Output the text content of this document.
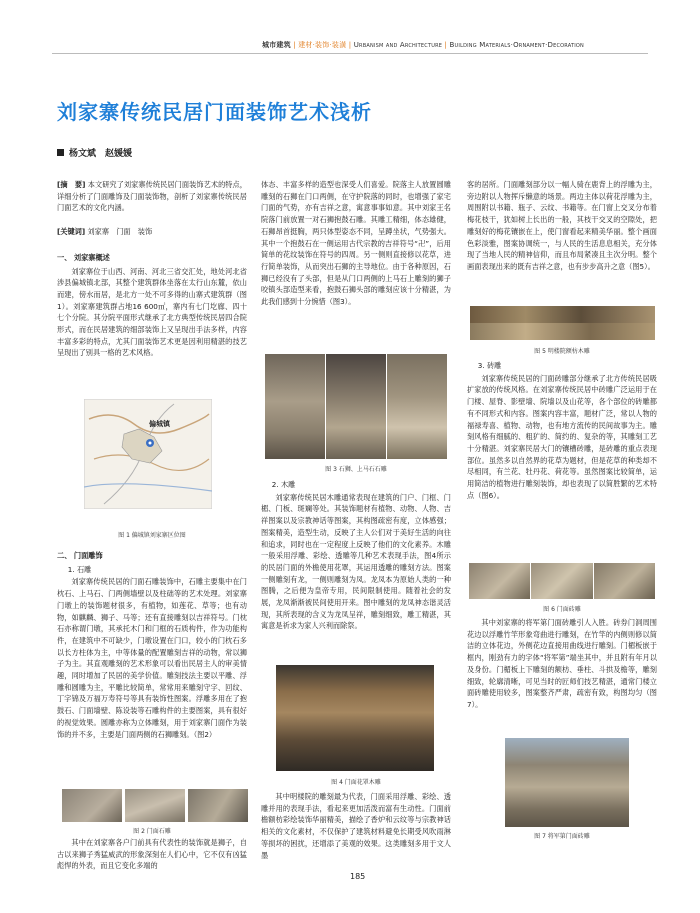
城市建筑 | 建材·装饰·装潢 | Urbanism and Architecture | Building Materials·Ornament·Decoration
刘家寨传统民居门面装饰艺术浅析
杨文斌　赵媛媛

[摘　要] 本文研究了刘家寨传统民居门面装饰艺术的特点，详细分析了门面雕饰及门面装饰物，剖析了刘家寨传统民居门面艺术的文化内涵。

[关键词] 刘家寨　门面　装饰

一、 刘家寨概述

刘家寨位于山西、河南、河北三省交汇处，地处河北省涉县偏城镇北部，其整个建筑群体坐落在太行山东麓，依山而建，傍水而居，是北方一处不可多得的山寨式建筑群（图1）。刘家寨建筑群占地16 600㎡，寨内有七门圪廊、四十七个分院。其分院平面形式继承了北方典型传统民居四合院形式，而在民居建筑的细部装饰上又呈现出手法多样，内容丰富多彩的特点，尤其门面装饰艺术更是因利用精湛的技艺呈现出了别具一格的艺术风格。

偏城镇
图 1 偏城镇刘家寨区位图
二、 门面雕饰
1. 石雕

刘家寨传统民居的门面石雕装饰中，石雕主要集中在门枕石、上马石、门两侧墙壁以及柱础等的艺术处理。刘家寨门墩上的装饰题材很多，有植物，如莲花、草等；也有动物，如麒麟、狮子、马等；还有直接雕刻以吉祥符号。门枕石亦称谓门墩，其承托木门和门框的石质构件，作为功能构件，在建筑中不可缺少，门墩设置在门口，较小的门枕石多以长方柱体为主，中等体量的配置雕刻吉祥的动物，常以狮子为主。其直观雕刻的艺术形象可以看出民居主人的审美情趣，同时增加了民居的美学价值。雕刻技法主要以平雕、浮雕和圆雕为主，平雕比较简单，常常用来雕刻守字、回纹、丁字锦及万福万寿符号等具有装饰性图案。浮雕多用在了抱鼓石、门面墙壁、陈设装等石雕构件的主要图案，具有很好的视觉效果。圆雕亦称为立体雕刻，用于刘家寨门面作为装饰的并不多，主要是门面两侧的石狮雕刻。（图2）

图 2 门面石雕

其中在刘家寨各户门前具有代表性的装饰就是狮子，自古以来狮子秀猛威武的形象深刻在人们心中，它不仅有凶猛彪悍的外表，而且它变化多端的

体态、丰富多样的造型也深受人们喜爱。院落主人放置圆雕雕刻的石狮在门口两侧，在守护院落的同时，也增强了家宅门面的气势，亦有吉祥之意，寓意事事如意。其中刘家王名院落门前放置一对石狮抱鼓石雕。其雕工精细，体态雄健，石狮昂首挺胸，两只体型姿态不同，呈蹲坐状，气势强大。其中一个抱鼓石在一侧运用古代宗教的吉祥符号“卍”，后用简单的花纹装饰在符号的四周。另一侧则直接修以花草，进行简单装饰，从而突出石狮的主导地位。由于各种原因，石狮已经没有了头部，但是从门口两侧的上马石上雕刻的狮子咬镇头部造型来看，抱鼓石狮头部的雕刻应该十分精湛，为此我们感到十分惋惜（图3）。

图 3 石狮、上马石石雕
2. 木雕

刘家寨传统民居木雕通常表现在建筑的门户、门框、门楣、门板、斑斓等处。其装饰题材有植物、动物、人物、吉祥图案以及宗教神话等图案，其构图疏密有度，立体感强；图案精美，造型生动，反映了主人公们对于美好生活的向往和追求，同时也在一定程度上反映了他们的文化素养。木雕一般采用浮雕、彩绘、透雕等几种艺术表现手法，图4所示的民居门面的外檐使用花罩，其运用透雕的雕刻方法。图案一侧雕刻有龙，一侧则雕刻为凤。龙凤本为原始人类的一种图腾，之后便为皇帝专用，民间限制使用。随着社会的发展，龙凤渐渐被民间使用开来。图中雕刻的龙凤神态谐灵活现，其所表现的含义为龙凤呈祥，雕刻细致，雕工精湛，其寓意是祈求为家人兴利而除祭。

图 4 门面花罩木雕

其中明楼院的雕刻最为代表，门面采用浮雕、彩绘、透雕并用的表现手法，看起来更加活泼而富有生动性。门面前檐额枋彩绘装饰华丽精美，描绘了香炉和云纹等与宗教神话相关的文化素材，不仅保护了建筑材料避免长期受风吹雨淋等损坏的困扰，还增添了美观的效果。这类雕刻多用于文人墨

客的居所。门面雕刻部分以一幅人骑在鹿背上的浮雕为主，旁边附以人物挥斥懒意的场景。两边主体以荷花浮雕为主，周围附以书籍、瓶子、云纹、书籍等。在门窗上交叉分布着梅花枝干，犹如树上长出的一般，其枝干交叉的空隙处，把雕刻好的梅花镶嵌在上，使门窗看起来精美华丽。整个画面色彩淡雅，图案协调统一，与人民的生活息息相关，充分体现了当地人民的精神信仰，而且布局紧凑且主次分明。整个画面表现出来的既有吉祥之意，也有步步高升之意（图5）。

图 5 明楼院额枋木雕
3. 砖雕

刘家寨传统民居的门面砖雕部分继承了北方传统民居吸扩家放的传统风格。在刘家寨传统民居中砖雕广泛运用于在门楼、屋脊、影壁墙、院墙以及山花等，各个部位的砖雕都有不同形式和内容。图案内容丰富，题材广泛，常以人物的福禄寿喜、植物、动物，也有地方流传的民间故事为主。雕刻风格有细腻的、粗犷的、简约的、复杂的等，其雕刻工艺十分精湛。刘家寨民居大门的镶槽砖雕，是砖雕的重点表现部位。虽然多以自然界的花草为题材，但是花草的种类却不尽相同，有兰花、牡丹花、荷花等。虽然图案比较简单，运用简洁的植物进行雕刻装饰，却也表现了以简胜繁的艺术特点（图6）。

图 6 门面砖雕

其中刘家寨的将军第门面砖雕引人入胜。砖券门洞周围花边以浮雕竹竿形象弯曲进行雕刻，在竹竿的内侧则修以简洁的立体花边，外侧花边直接用曲线进行雕刻。门楣板嵌于框内，刚劲有力的字体“将军第”端坐其中，并且附有年月以及身份。门楣板上下雕刻的额枋、垂柱、斗拱及檐等，雕刻细致，轮廓清晰，可见当时的匠师们技艺精湛，通常门楼立面砖雕使用较多，图案整齐严肃，疏密有致，构图均匀（图7）。

图 7 将军第门面砖雕
185
